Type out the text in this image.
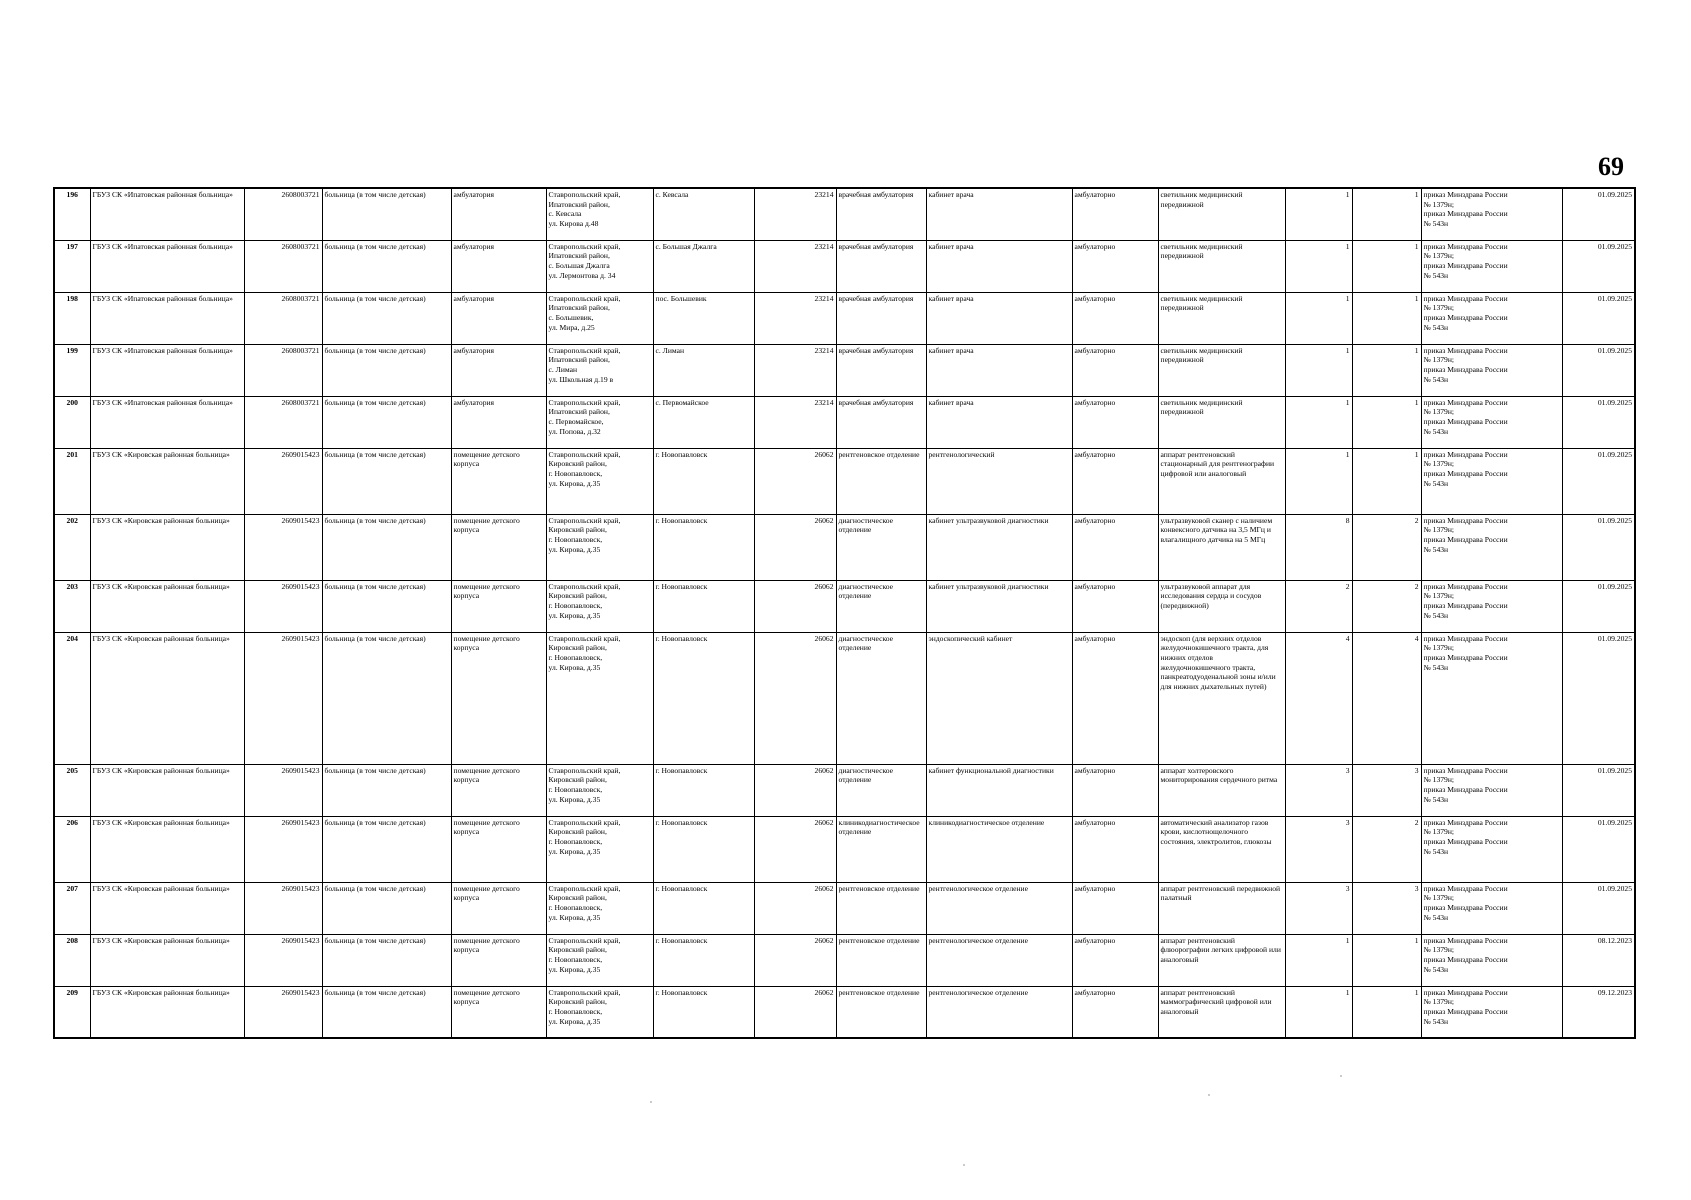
69
196	ГБУЗ СК «Ипатовская районная больница»	2608003721	больница (в том числе детская)	амбулатория	Ставропольский край,
Ипатовский район,
с. Кевсала
ул. Кирова д.48	с. Кевсала	23214	врачебная амбулатория	кабинет врача	амбулаторно	светильник медицинский передвижной	1	1	приказ Минздрава России
№ 1379н;
приказ Минздрава России
№ 543н	01.09.2025
197	ГБУЗ СК «Ипатовская районная больница»	2608003721	больница (в том числе детская)	амбулатория	Ставропольский край,
Ипатовский район,
с. Большая Джалга
ул. Лермонтова д. 34	с. Большая Джалга	23214	врачебная амбулатория	кабинет врача	амбулаторно	светильник медицинский передвижной	1	1	приказ Минздрава России
№ 1379н;
приказ Минздрава России
№ 543н	01.09.2025
198	ГБУЗ СК «Ипатовская районная больница»	2608003721	больница (в том числе детская)	амбулатория	Ставропольский край,
Ипатовский район,
с. Большевик,
ул. Мира, д.25	пос. Большевик	23214	врачебная амбулатория	кабинет врача	амбулаторно	светильник медицинский передвижной	1	1	приказ Минздрава России
№ 1379н;
приказ Минздрава России
№ 543н	01.09.2025
199	ГБУЗ СК «Ипатовская районная больница»	2608003721	больница (в том числе детская)	амбулатория	Ставропольский край,
Ипатовский район,
с. Лиман
ул. Школьная д.19 в	с. Лиман	23214	врачебная амбулатория	кабинет врача	амбулаторно	светильник медицинский передвижной	1	1	приказ Минздрава России
№ 1379н;
приказ Минздрава России
№ 543н	01.09.2025
200	ГБУЗ СК «Ипатовская районная больница»	2608003721	больница (в том числе детская)	амбулатория	Ставропольский край,
Ипатовский район,
с. Первомайское,
ул. Попова, д.32	с. Первомайское	23214	врачебная амбулатория	кабинет врача	амбулаторно	светильник медицинский передвижной	1	1	приказ Минздрава России
№ 1379н;
приказ Минздрава России
№ 543н	01.09.2025
201	ГБУЗ СК «Кировская районная больница»	2609015423	больница (в том числе детская)	помещение детского корпуса	Ставропольский край,
Кировский район,
г. Новопавловск,
ул. Кирова, д.35	г. Новопавловск	26062	рентгеновское отделение	рентгенологический	амбулаторно	аппарат рентгеновский стационарный для рентгенографии цифровой или аналоговый	1	1	приказ Минздрава России
№ 1379н;
приказ Минздрава России
№ 543н	01.09.2025
202	ГБУЗ СК «Кировская районная больница»	2609015423	больница (в том числе детская)	помещение детского корпуса	Ставропольский край,
Кировский район,
г. Новопавловск,
ул. Кирова, д.35	г. Новопавловск	26062	диагностическое отделение	кабинет ультразвуковой диагностики	амбулаторно	ультразвуковой сканер с наличием конвексного датчика на 3,5 МГц и влагалищного датчика на 5 МГц	8	2	приказ Минздрава России
№ 1379н;
приказ Минздрава России
№ 543н	01.09.2025
203	ГБУЗ СК «Кировская районная больница»	2609015423	больница (в том числе детская)	помещение детского корпуса	Ставропольский край,
Кировский район,
г. Новопавловск,
ул. Кирова, д.35	г. Новопавловск	26062	диагностическое отделение	кабинет ультразвуковой диагностики	амбулаторно	ультразвуковой аппарат для исследования сердца и сосудов (передвижной)	2	2	приказ Минздрава России
№ 1379н;
приказ Минздрава России
№ 543н	01.09.2025
204	ГБУЗ СК «Кировская районная больница»	2609015423	больница (в том числе детская)	помещение детского корпуса	Ставропольский край,
Кировский район,
г. Новопавловск,
ул. Кирова, д.35	г. Новопавловск	26062	диагностическое отделение	эндоскопический кабинет	амбулаторно	эндоскоп (для верхних отделов желудочнокишечного тракта, для нижних отделов желудочнокишечного тракта, панкреатодуоденальной зоны и/или для нижних дыхательных путей)	4	4	приказ Минздрава России
№ 1379н;
приказ Минздрава России
№ 543н	01.09.2025
205	ГБУЗ СК «Кировская районная больница»	2609015423	больница (в том числе детская)	помещение детского корпуса	Ставропольский край,
Кировский район,
г. Новопавловск,
ул. Кирова, д.35	г. Новопавловск	26062	диагностическое отделение	кабинет функциональной диагностики	амбулаторно	аппарат холтеровского мониторирования сердечного ритма	3	3	приказ Минздрава России
№ 1379н;
приказ Минздрава России
№ 543н	01.09.2025
206	ГБУЗ СК «Кировская районная больница»	2609015423	больница (в том числе детская)	помещение детского корпуса	Ставропольский край,
Кировский район,
г. Новопавловск,
ул. Кирова, д.35	г. Новопавловск	26062	клиникодиагностическое отделение	клиникодиагностическое отделение	амбулаторно	автоматический анализатор газов крови, кислотнощелочного состояния, электролитов, глюкозы	3	2	приказ Минздрава России
№ 1379н;
приказ Минздрава России
№ 543н	01.09.2025
207	ГБУЗ СК «Кировская районная больница»	2609015423	больница (в том числе детская)	помещение детского корпуса	Ставропольский край,
Кировский район,
г. Новопавловск,
ул. Кирова, д.35	г. Новопавловск	26062	рентгеновское отделение	рентгенологическое отделение	амбулаторно	аппарат рентгеновский передвижной палатный	3	3	приказ Минздрава России
№ 1379н;
приказ Минздрава России
№ 543н	01.09.2025
208	ГБУЗ СК «Кировская районная больница»	2609015423	больница (в том числе детская)	помещение детского корпуса	Ставропольский край,
Кировский район,
г. Новопавловск,
ул. Кирова, д.35	г. Новопавловск	26062	рентгеновское отделение	рентгенологическое отделение	амбулаторно	аппарат рентгеновский флюорографии легких цифровой или аналоговый	1	1	приказ Минздрава России
№ 1379н;
приказ Минздрава России
№ 543н	08.12.2023
209	ГБУЗ СК «Кировская районная больница»	2609015423	больница (в том числе детская)	помещение детского корпуса	Ставропольский край,
Кировский район,
г. Новопавловск,
ул. Кирова, д.35	г. Новопавловск	26062	рентгеновское отделение	рентгенологическое отделение	амбулаторно	аппарат рентгеновский маммографический цифровой или аналоговый	1	1	приказ Минздрава России
№ 1379н;
приказ Минздрава России
№ 543н	09.12.2023
